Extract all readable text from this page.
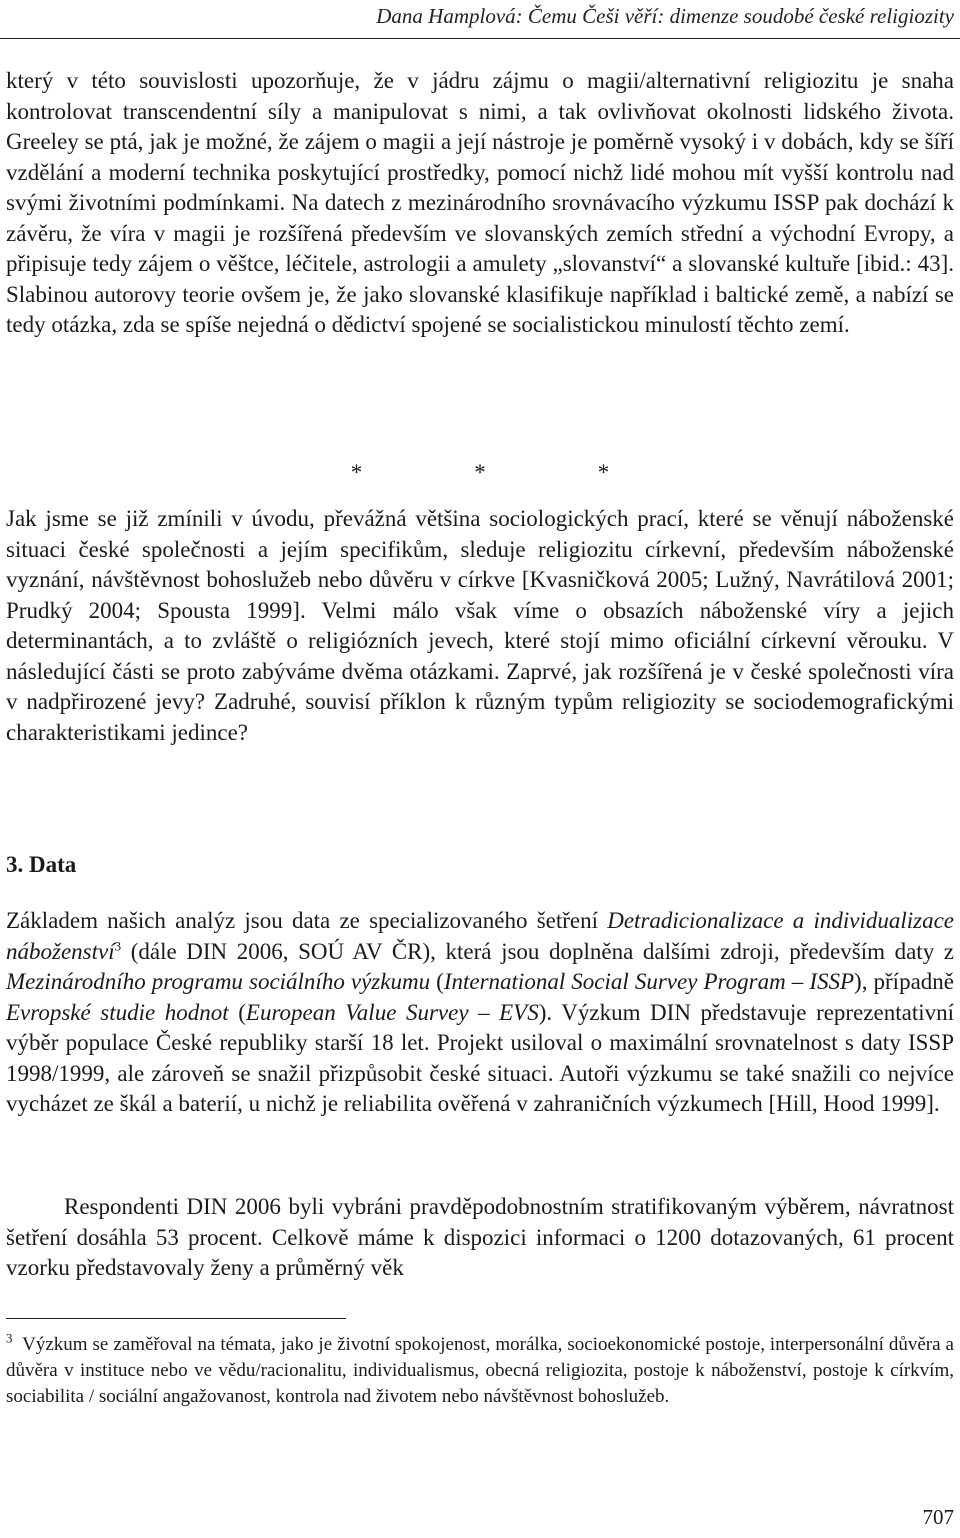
Dana Hamplová: Čemu Češi věří: dimenze soudobé české religiozity

který v této souvislosti upozorňuje, že v jádru zájmu o magii/alternativní religiozitu je snaha kontrolovat transcendentní síly a manipulovat s nimi, a tak ovlivňovat okolnosti lidského života. Greeley se ptá, jak je možné, že zájem o magii a její nástroje je poměrně vysoký i v dobách, kdy se šíří vzdělání a moderní technika poskytující prostředky, pomocí nichž lidé mohou mít vyšší kontrolu nad svými životními podmínkami. Na datech z mezinárodního srovnávacího výzkumu ISSP pak dochází k závěru, že víra v magii je rozšířená především ve slovanských zemích střední a východní Evropy, a připisuje tedy zájem o věštce, léčitele, astrologii a amulety „slovanství“ a slovanské kultuře [ibid.: 43]. Slabinou autorovy teorie ovšem je, že jako slovanské klasifikuje například i baltické země, a nabízí se tedy otázka, zda se spíše nejedná o dědictví spojené se socialistickou minulostí těchto zemí.

*	*	*

Jak jsme se již zmínili v úvodu, převážná většina sociologických prací, které se věnují náboženské situaci české společnosti a jejím specifikům, sleduje religiozitu církevní, především náboženské vyznání, návštěvnost bohoslužeb nebo důvěru v církve [Kvasničková 2005; Lužný, Navrátilová 2001; Prudký 2004; Spousta 1999]. Velmi málo však víme o obsazích náboženské víry a jejich determinantách, a to zvláště o religiózních jevech, které stojí mimo oficiální církevní věrouku. V následující části se proto zabýváme dvěma otázkami. Zaprvé, jak rozšířená je v české společnosti víra v nadpřirozené jevy? Zadruhé, souvisí příklon k různým typům religiozity se sociodemografickými charakteristikami jedince?

3. Data

Základem našich analýz jsou data ze specializovaného šetření Detradicionalizace a individualizace náboženství$^3$ (dále DIN 2006, SOÚ AV ČR), která jsou doplněna dalšími zdroji, především daty z Mezinárodního programu sociálního výzkumu (International Social Survey Program – ISSP), případně Evropské studie hodnot (European Value Survey – EVS). Výzkum DIN představuje reprezentativní výběr populace České republiky starší 18 let. Projekt usiloval o maximální srovnatelnost s daty ISSP 1998/1999, ale zároveň se snažil přizpůsobit české situaci. Autoři výzkumu se také snažili co nejvíce vycházet ze škál a baterií, u nichž je reliabilita ověřená v zahraničních výzkumech [Hill, Hood 1999].

Respondenti DIN 2006 byli vybráni pravděpodobnostním stratifikovaným výběrem, návratnost šetření dosáhla 53 procent. Celkově máme k dispozici informaci o 1200 dotazovaných, 61 procent vzorku představovaly ženy a průměrný věk

$^3$ Výzkum se zaměřoval na témata, jako je životní spokojenost, morálka, socioekonomické postoje, interpersonální důvěra a důvěra v instituce nebo ve vědu/racionalitu, individualismus, obecná religiozita, postoje k náboženství, postoje k církvím, sociabilita / sociální angažovanost, kontrola nad životem nebo návštěvnost bohoslužeb.

707
